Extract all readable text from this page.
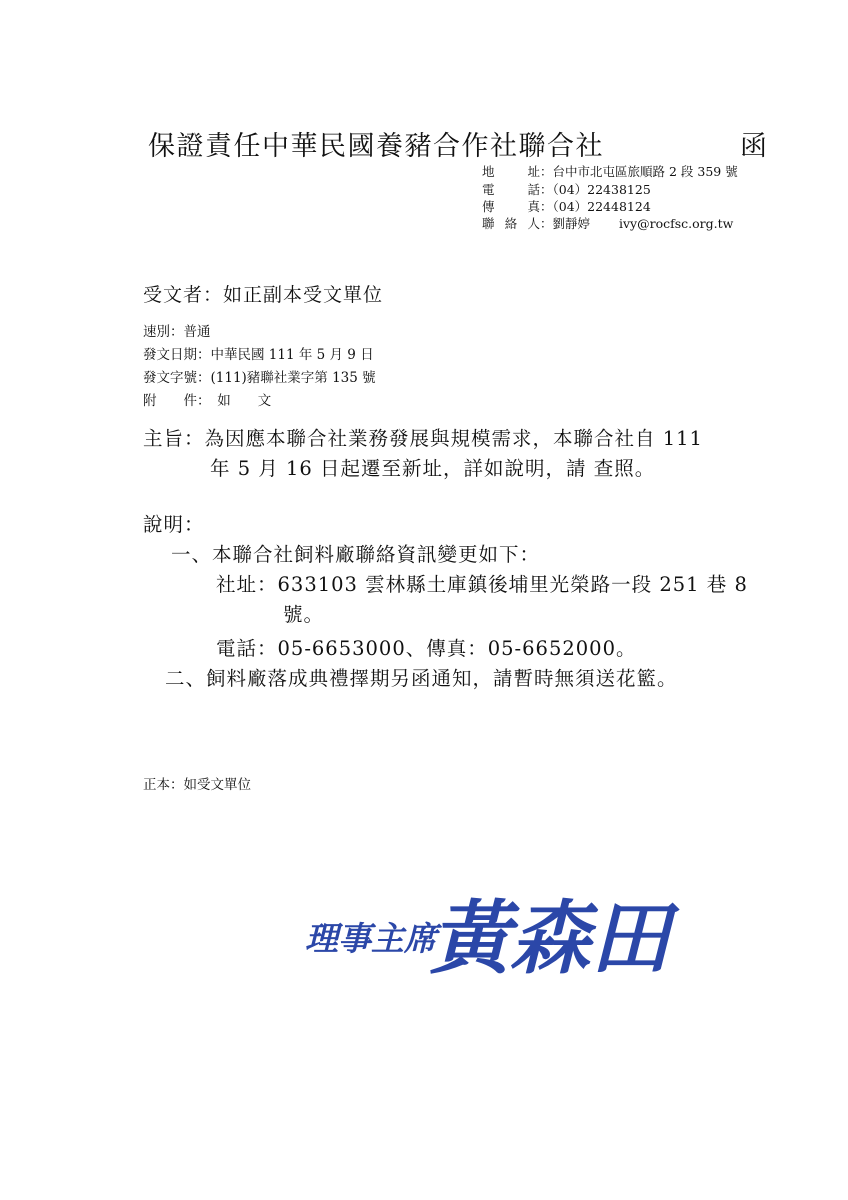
保證責任中華民國養豬合作社聯合社	函
地 址：台中市北屯區旅順路 2 段 359 號
電 話：（04）22438125
傳 真：（04）22448124
聯 絡 人：劉靜婷　　 ivy@rocfsc.org.tw
受文者：如正副本受文單位
速別：普通
發文日期：中華民國 111 年 5 月 9 日
發文字號：(111)豬聯社業字第 135 號
附　　件：　如　　文
主旨：為因應本聯合社業務發展與規模需求，本聯合社自 111
年 5 月 16 日起遷至新址，詳如說明，請 查照。
說明：
一、本聯合社飼料廠聯絡資訊變更如下：
社址：633103 雲林縣土庫鎮後埔里光榮路一段 251 巷 8
號。
電話：05-6653000、傳真：05-6652000。
二、飼料廠落成典禮擇期另函通知，請暫時無須送花籃。
正本：如受文單位
理事主席
黃森田
